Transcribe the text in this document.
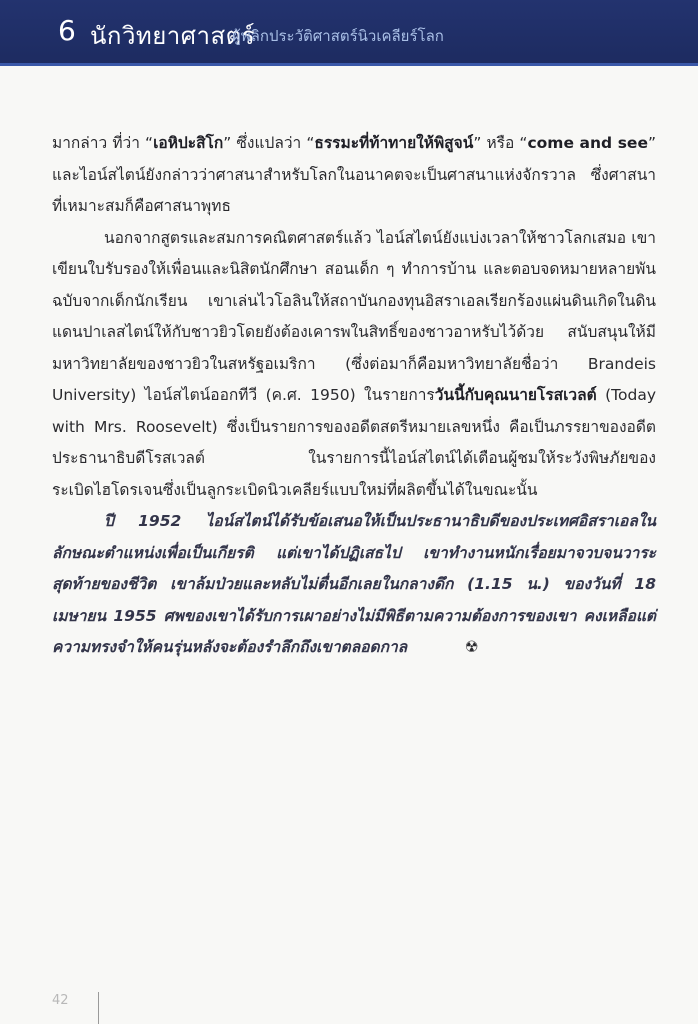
6 นักวิทยาศาสตร์
ผู้พลิกประวัติศาสตร์นิวเคลียร์โลก

มากล่าว ที่ว่า “เอหิปะสิโก” ซึ่งแปลว่า “ธรรมะที่ท้าทายให้พิสูจน์” หรือ “come and see” และไอน์สไตน์ยังกล่าวว่าศาสนาสำหรับโลกในอนาคตจะเป็นศาสนาแห่งจักรวาล ซึ่งศาสนาที่เหมาะสมก็คือศาสนาพุทธ

นอกจากสูตรและสมการคณิตศาสตร์แล้ว ไอน์สไตน์ยังแบ่งเวลาให้ชาวโลกเสมอ เขาเขียนใบรับรองให้เพื่อนและนิสิตนักศึกษา สอนเด็ก ๆ ทำการบ้าน และตอบจดหมายหลายพันฉบับจากเด็กนักเรียน เขาเล่นไวโอลินให้สถาบันกองทุนอิสราเอลเรียกร้องแผ่นดินเกิดในดินแดนปาเลสไตน์ให้กับชาวยิวโดยยังต้องเคารพในสิทธิ์ของชาวอาหรับไว้ด้วย สนับสนุนให้มีมหาวิทยาลัยของชาวยิวในสหรัฐอเมริกา (ซึ่งต่อมาก็คือมหาวิทยาลัยชื่อว่า Brandeis University) ไอน์สไตน์ออกทีวี (ค.ศ. 1950) ในรายการวันนี้กับคุณนายโรสเวลต์ (Today with Mrs. Roosevelt) ซึ่งเป็นรายการของอดีตสตรีหมายเลขหนึ่ง คือเป็นภรรยาของอดีตประธานาธิบดีโรสเวลต์ ในรายการนี้ไอน์สไตน์ได้เตือนผู้ชมให้ระวังพิษภัยของระเบิดไฮโดรเจนซึ่งเป็นลูกระเบิดนิวเคลียร์แบบใหม่ที่ผลิตขึ้นได้ในขณะนั้น

ปี 1952 ไอน์สไตน์ได้รับข้อเสนอให้เป็นประธานาธิบดีของประเทศอิสราเอลในลักษณะตำแหน่งเพื่อเป็นเกียรติ แต่เขาได้ปฏิเสธไป เขาทำงานหนักเรื่อยมาจวบจนวาระสุดท้ายของชีวิต เขาล้มป่วยและหลับไม่ตื่นอีกเลยในกลางดึก (1.15 น.) ของวันที่ 18 เมษายน 1955 ศพของเขาได้รับการเผาอย่างไม่มีพิธีตามความต้องการของเขา คงเหลือแต่ความทรงจำให้คนรุ่นหลังจะต้องรำลึกถึงเขาตลอดกาล	☢

42
